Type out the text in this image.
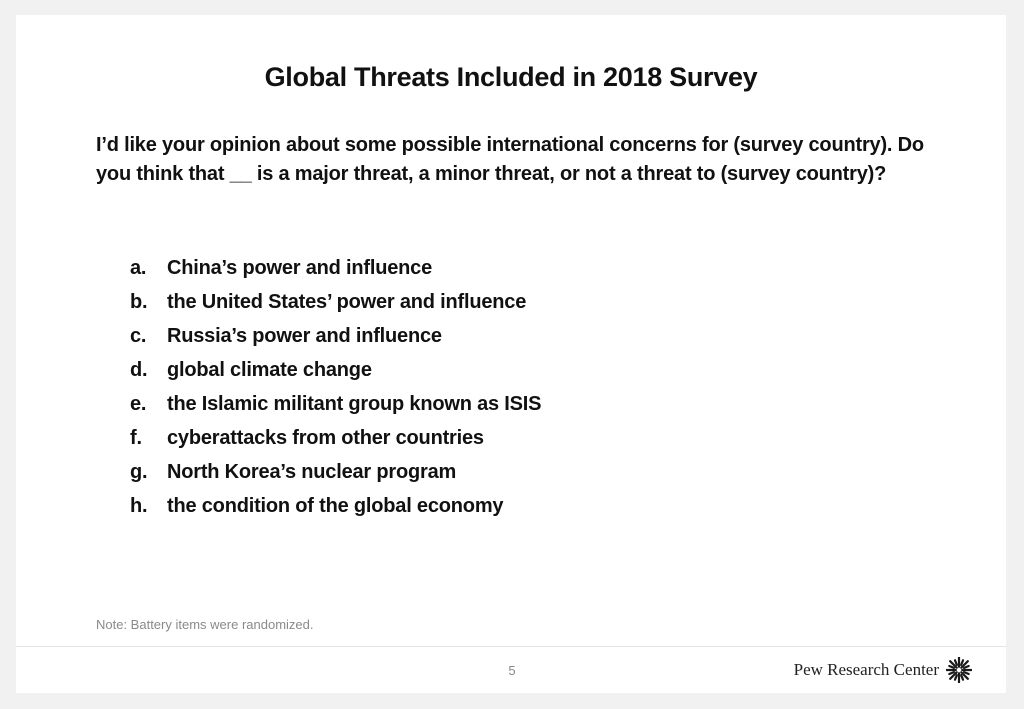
Global Threats Included in 2018 Survey
I’d like your opinion about some possible international concerns for (survey country). Do you think that __ is a major threat, a minor threat, or not a threat to (survey country)?
a. China’s power and influence
b. the United States’ power and influence
c. Russia’s power and influence
d. global climate change
e. the Islamic militant group known as ISIS
f. cyberattacks from other countries
g. North Korea’s nuclear program
h. the condition of the global economy
Note: Battery items were randomized.
5	Pew Research Center
